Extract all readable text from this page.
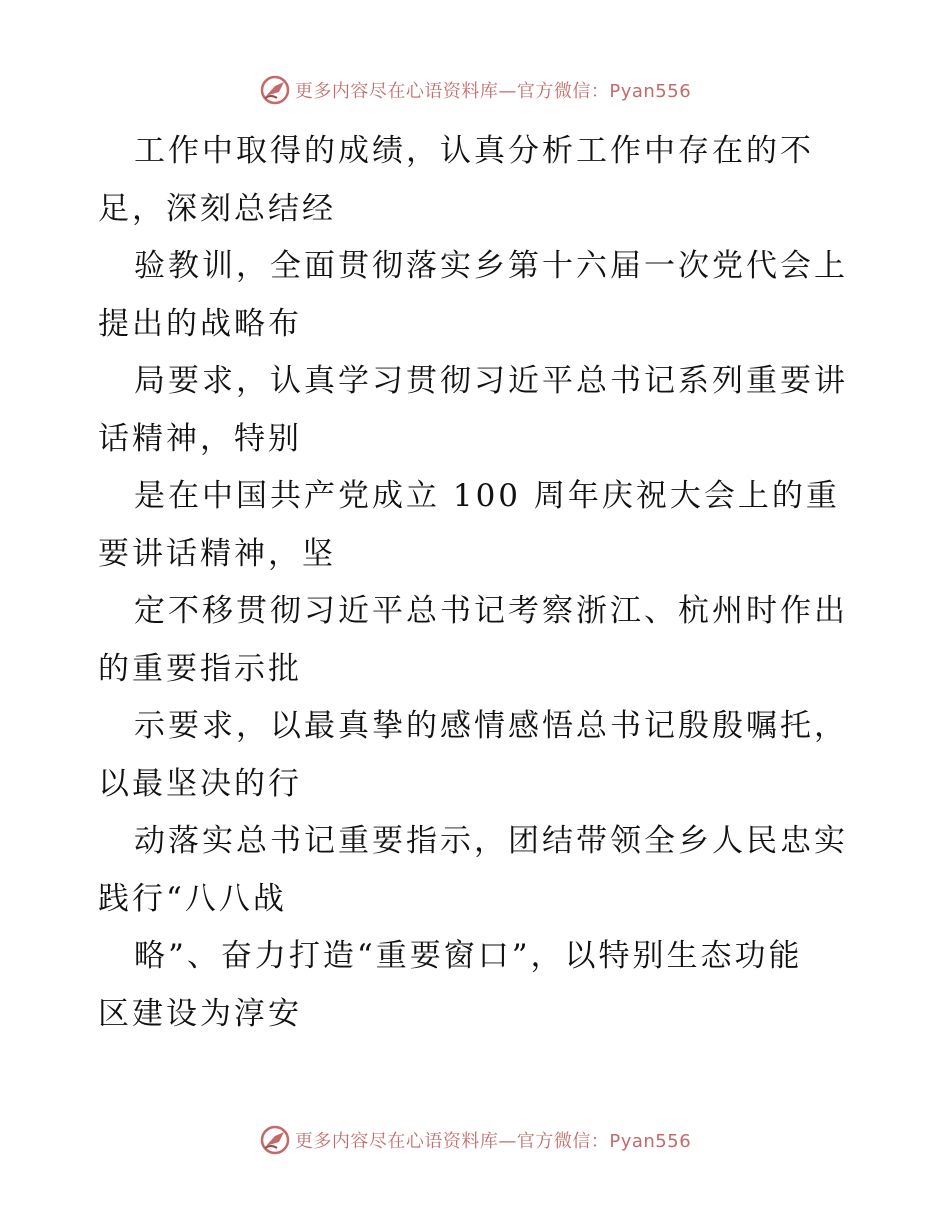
更多内容尽在心语资料库—官方微信：Pyan556
工作中取得的成绩，认真分析工作中存在的不
足，深刻总结经
验教训，全面贯彻落实乡第十六届一次党代会上
提出的战略布
局要求，认真学习贯彻习近平总书记系列重要讲
话精神，特别
是在中国共产党成立 100 周年庆祝大会上的重
要讲话精神，坚
定不移贯彻习近平总书记考察浙江、杭州时作出
的重要指示批
示要求，以最真挚的感情感悟总书记殷殷嘱托，
以最坚决的行
动落实总书记重要指示，团结带领全乡人民忠实
践行“八八战
略”、奋力打造“重要窗口”，以特别生态功能
区建设为淳安
更多内容尽在心语资料库—官方微信：Pyan556
